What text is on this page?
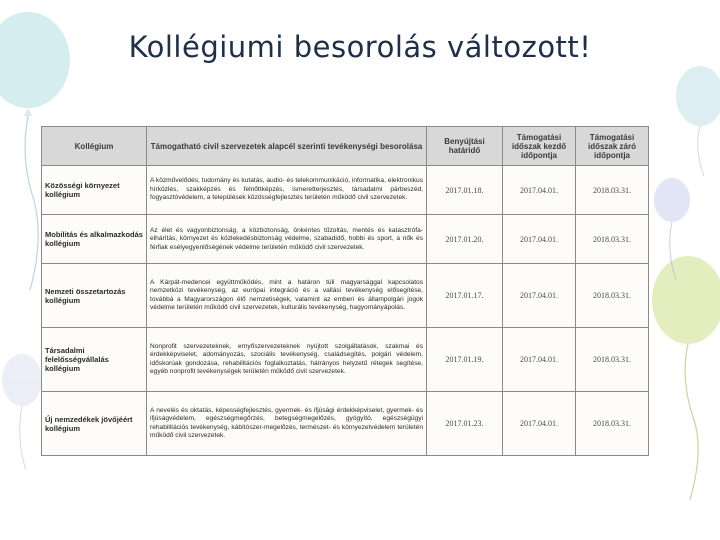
Kollégiumi besorolás változott!
Kollégium	Támogatható civil szervezetek alapcél szerinti tevékenységi besorolása	Benyújtási határidő	Támogatási időszak kezdő időpontja	Támogatási időszak záró időpontja
Közösségi környezet kollégium	A közművelődés, tudomány és kutatás, audio- és telekommunikáció, informatika, elektronikus hírközlés, szakképzés és felnőttképzés, ismeretterjesztés, társadalmi párbeszéd, fogyasztóvédelem, a települések közösségfejlesztés területén működő civil szervezetek.	2017.01.18.	2017.04.01.	2018.03.31.
Mobilitás és alkalmazkodás kollégium	Az élet és vagyonbiztonság, a közbiztonság, önkéntes tűzoltás, mentés és katasztrófa-elhárítás, környezet és közlekedésbiztonság védelme, szabadidő, hobbi és sport, a nők és férfiak esélyegyenlőségének védelme területén működő civil szervezetek.	2017.01.20.	2017.04.01.	2018.03.31.
Nemzeti összetartozás kollégium	A Kárpát-medencei együttműködés, mint a határon túli magyarsággal kapcsolatos nemzetközi tevékenység, az európai integráció és a vallási tevékenység elősegítése, továbbá a Magyarországon élő nemzetiségek, valamint az emberi és állampolgári jogok védelme területén működő civil szervezetek, kulturális tevékenység, hagyományápolás.	2017.01.17.	2017.04.01.	2018.03.31.
Társadalmi felelősségvállalás kollégium	Nonprofit szervezeteknek, ernyőszervezeteknek nyújtott szolgáltatások, szakmai és érdekképviselet, adományozás, szociális tevékenység, családsegítés, polgári védelem, időskorúak gondozása, rehabilitációs foglalkoztatás, hátrányos helyzetű rétegek segítése, egyéb nonprofit tevékenységek területén működő civil szervezetek.	2017.01.19.	2017.04.01.	2018.03.31.
Új nemzedékek jövőjéért kollégium	A nevelés és oktatás, képességfejlesztés, gyermek- és ifjúsági érdekképviselet, gyermek- és ifjúságvédelem, egészségmegőrzés, betegségmegelőzés, gyógyító, egészségügyi rehabilitációs tevékenység, kábítószer-megelőzés, természet- és környezetvédelem területén működő civil szervezetek.	2017.01.23.	2017.04.01.	2018.03.31.
